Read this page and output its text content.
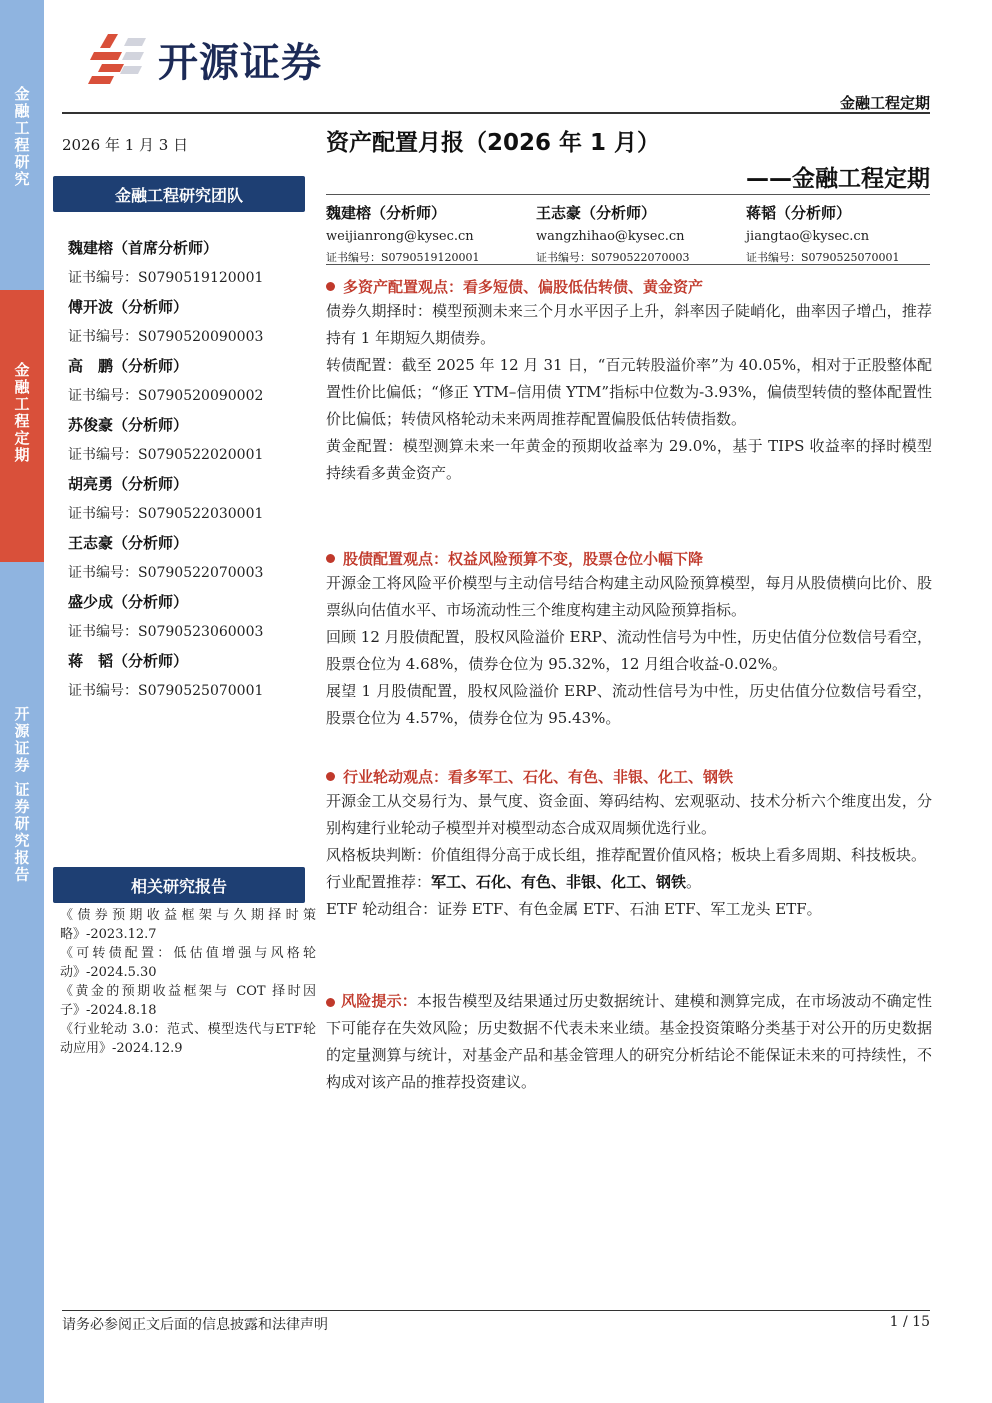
金融工程研究
金融工程定期
开源证券 证券研究报告
开源证券
金融工程定期
2026 年 1 月 3 日
金融工程研究团队
魏建榕（首席分析师）
证书编号：S0790519120001
傅开波（分析师）
证书编号：S0790520090003
高　鹏（分析师）
证书编号：S0790520090002
苏俊豪（分析师）
证书编号：S0790522020001
胡亮勇（分析师）
证书编号：S0790522030001
王志豪（分析师）
证书编号：S0790522070003
盛少成（分析师）
证书编号：S0790523060003
蒋　韬（分析师）
证书编号：S0790525070001
相关研究报告
《债券预期收益框架与久期择时策略》-2023.12.7
《可转债配置：低估值增强与风格轮动》-2024.5.30
《黄金的预期收益框架与 COT 择时因子》-2024.8.18
《行业轮动 3.0：范式、模型迭代与ETF轮动应用》-2024.12.9
资产配置月报（2026 年 1 月）
——金融工程定期
魏建榕（分析师）
weijianrong@kysec.cn
证书编号：S0790519120001
王志豪（分析师）
wangzhihao@kysec.cn
证书编号：S0790522070003
蒋韬（分析师）
jiangtao@kysec.cn
证书编号：S0790525070001
多资产配置观点：看多短债、偏股低估转债、黄金资产
债券久期择时：模型预测未来三个月水平因子上升，斜率因子陡峭化，曲率因子增凸，推荐持有 1 年期短久期债券。
转债配置：截至 2025 年 12 月 31 日，“百元转股溢价率”为 40.05%，相对于正股整体配置性价比偏低；“修正 YTM–信用债 YTM”指标中位数为-3.93%，偏债型转债的整体配置性价比偏低；转债风格轮动未来两周推荐配置偏股低估转债指数。
黄金配置：模型测算未来一年黄金的预期收益率为 29.0%，基于 TIPS 收益率的择时模型持续看多黄金资产。
股债配置观点：权益风险预算不变，股票仓位小幅下降
开源金工将风险平价模型与主动信号结合构建主动风险预算模型，每月从股债横向比价、股票纵向估值水平、市场流动性三个维度构建主动风险预算指标。
回顾 12 月股债配置，股权风险溢价 ERP、流动性信号为中性，历史估值分位数信号看空，股票仓位为 4.68%，债券仓位为 95.32%，12 月组合收益-0.02%。
展望 1 月股债配置，股权风险溢价 ERP、流动性信号为中性，历史估值分位数信号看空，股票仓位为 4.57%，债券仓位为 95.43%。
行业轮动观点：看多军工、石化、有色、非银、化工、钢铁
开源金工从交易行为、景气度、资金面、筹码结构、宏观驱动、技术分析六个维度出发，分别构建行业轮动子模型并对模型动态合成双周频优选行业。
风格板块判断：价值组得分高于成长组，推荐配置价值风格；板块上看多周期、科技板块。
行业配置推荐：军工、石化、有色、非银、化工、钢铁。
ETF 轮动组合：证券 ETF、有色金属 ETF、石油 ETF、军工龙头 ETF。
风险提示：本报告模型及结果通过历史数据统计、建模和测算完成，在市场波动不确定性下可能存在失效风险；历史数据不代表未来业绩。基金投资策略分类基于对公开的历史数据的定量测算与统计，对基金产品和基金管理人的研究分析结论不能保证未来的可持续性，不构成对该产品的推荐投资建议。
请务必参阅正文后面的信息披露和法律声明	1 / 15
